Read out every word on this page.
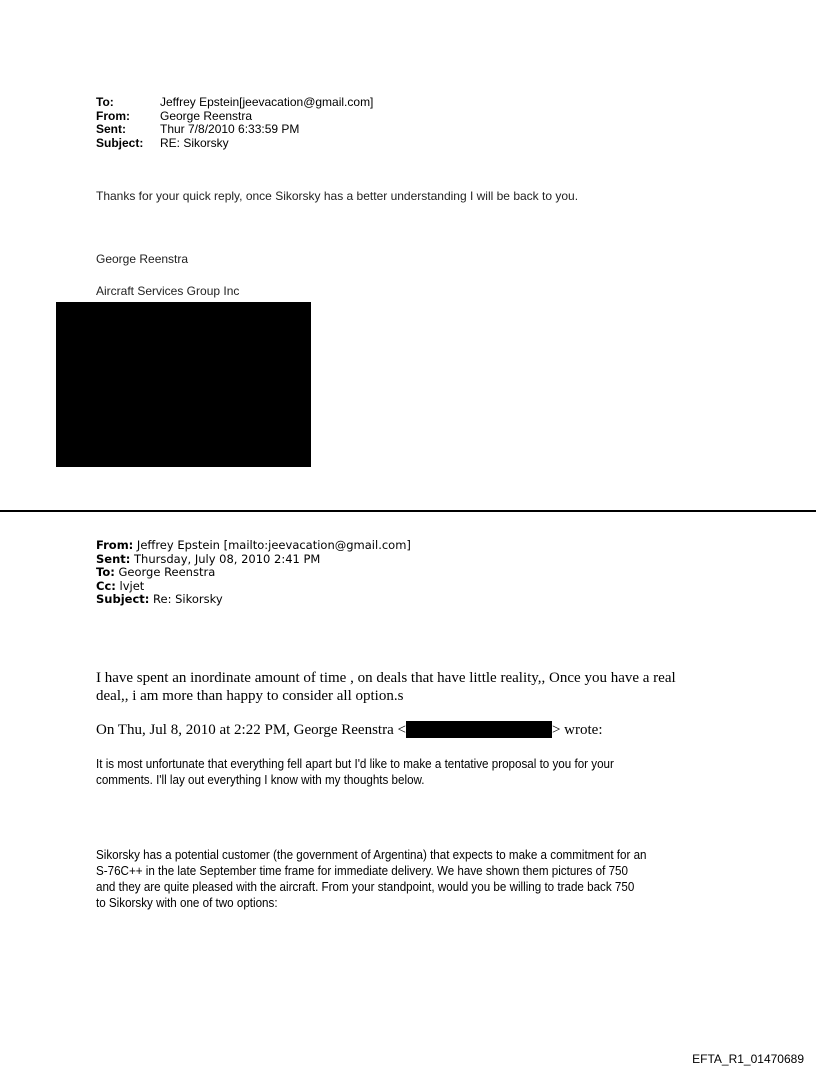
To:	Jeffrey Epstein[jeevacation@gmail.com]
From:	George Reenstra
Sent:	Thur 7/8/2010 6:33:59 PM
Subject:	RE: Sikorsky
Thanks for your quick reply, once Sikorsky has a better understanding I will be back to you.
George Reenstra
Aircraft Services Group Inc
From: Jeffrey Epstein [mailto:jeevacation@gmail.com]
Sent: Thursday, July 08, 2010 2:41 PM
To: George Reenstra
Cc: lvjet
Subject: Re: Sikorsky
I have spent an inordinate amount of time , on deals that have little reality,, Once you have a real
deal,, i am more than happy to consider all option.s
On Thu, Jul 8, 2010 at 2:22 PM, George Reenstra <	> wrote:
It is most unfortunate that everything fell apart but I'd like to make a tentative proposal to you for your
comments. I'll lay out everything I know with my thoughts below.
Sikorsky has a potential customer (the government of Argentina) that expects to make a commitment for an
S-76C++ in the late September time frame for immediate delivery. We have shown them pictures of 750
and they are quite pleased with the aircraft. From your standpoint, would you be willing to trade back 750
to Sikorsky with one of two options:
EFTA_R1_01470689
